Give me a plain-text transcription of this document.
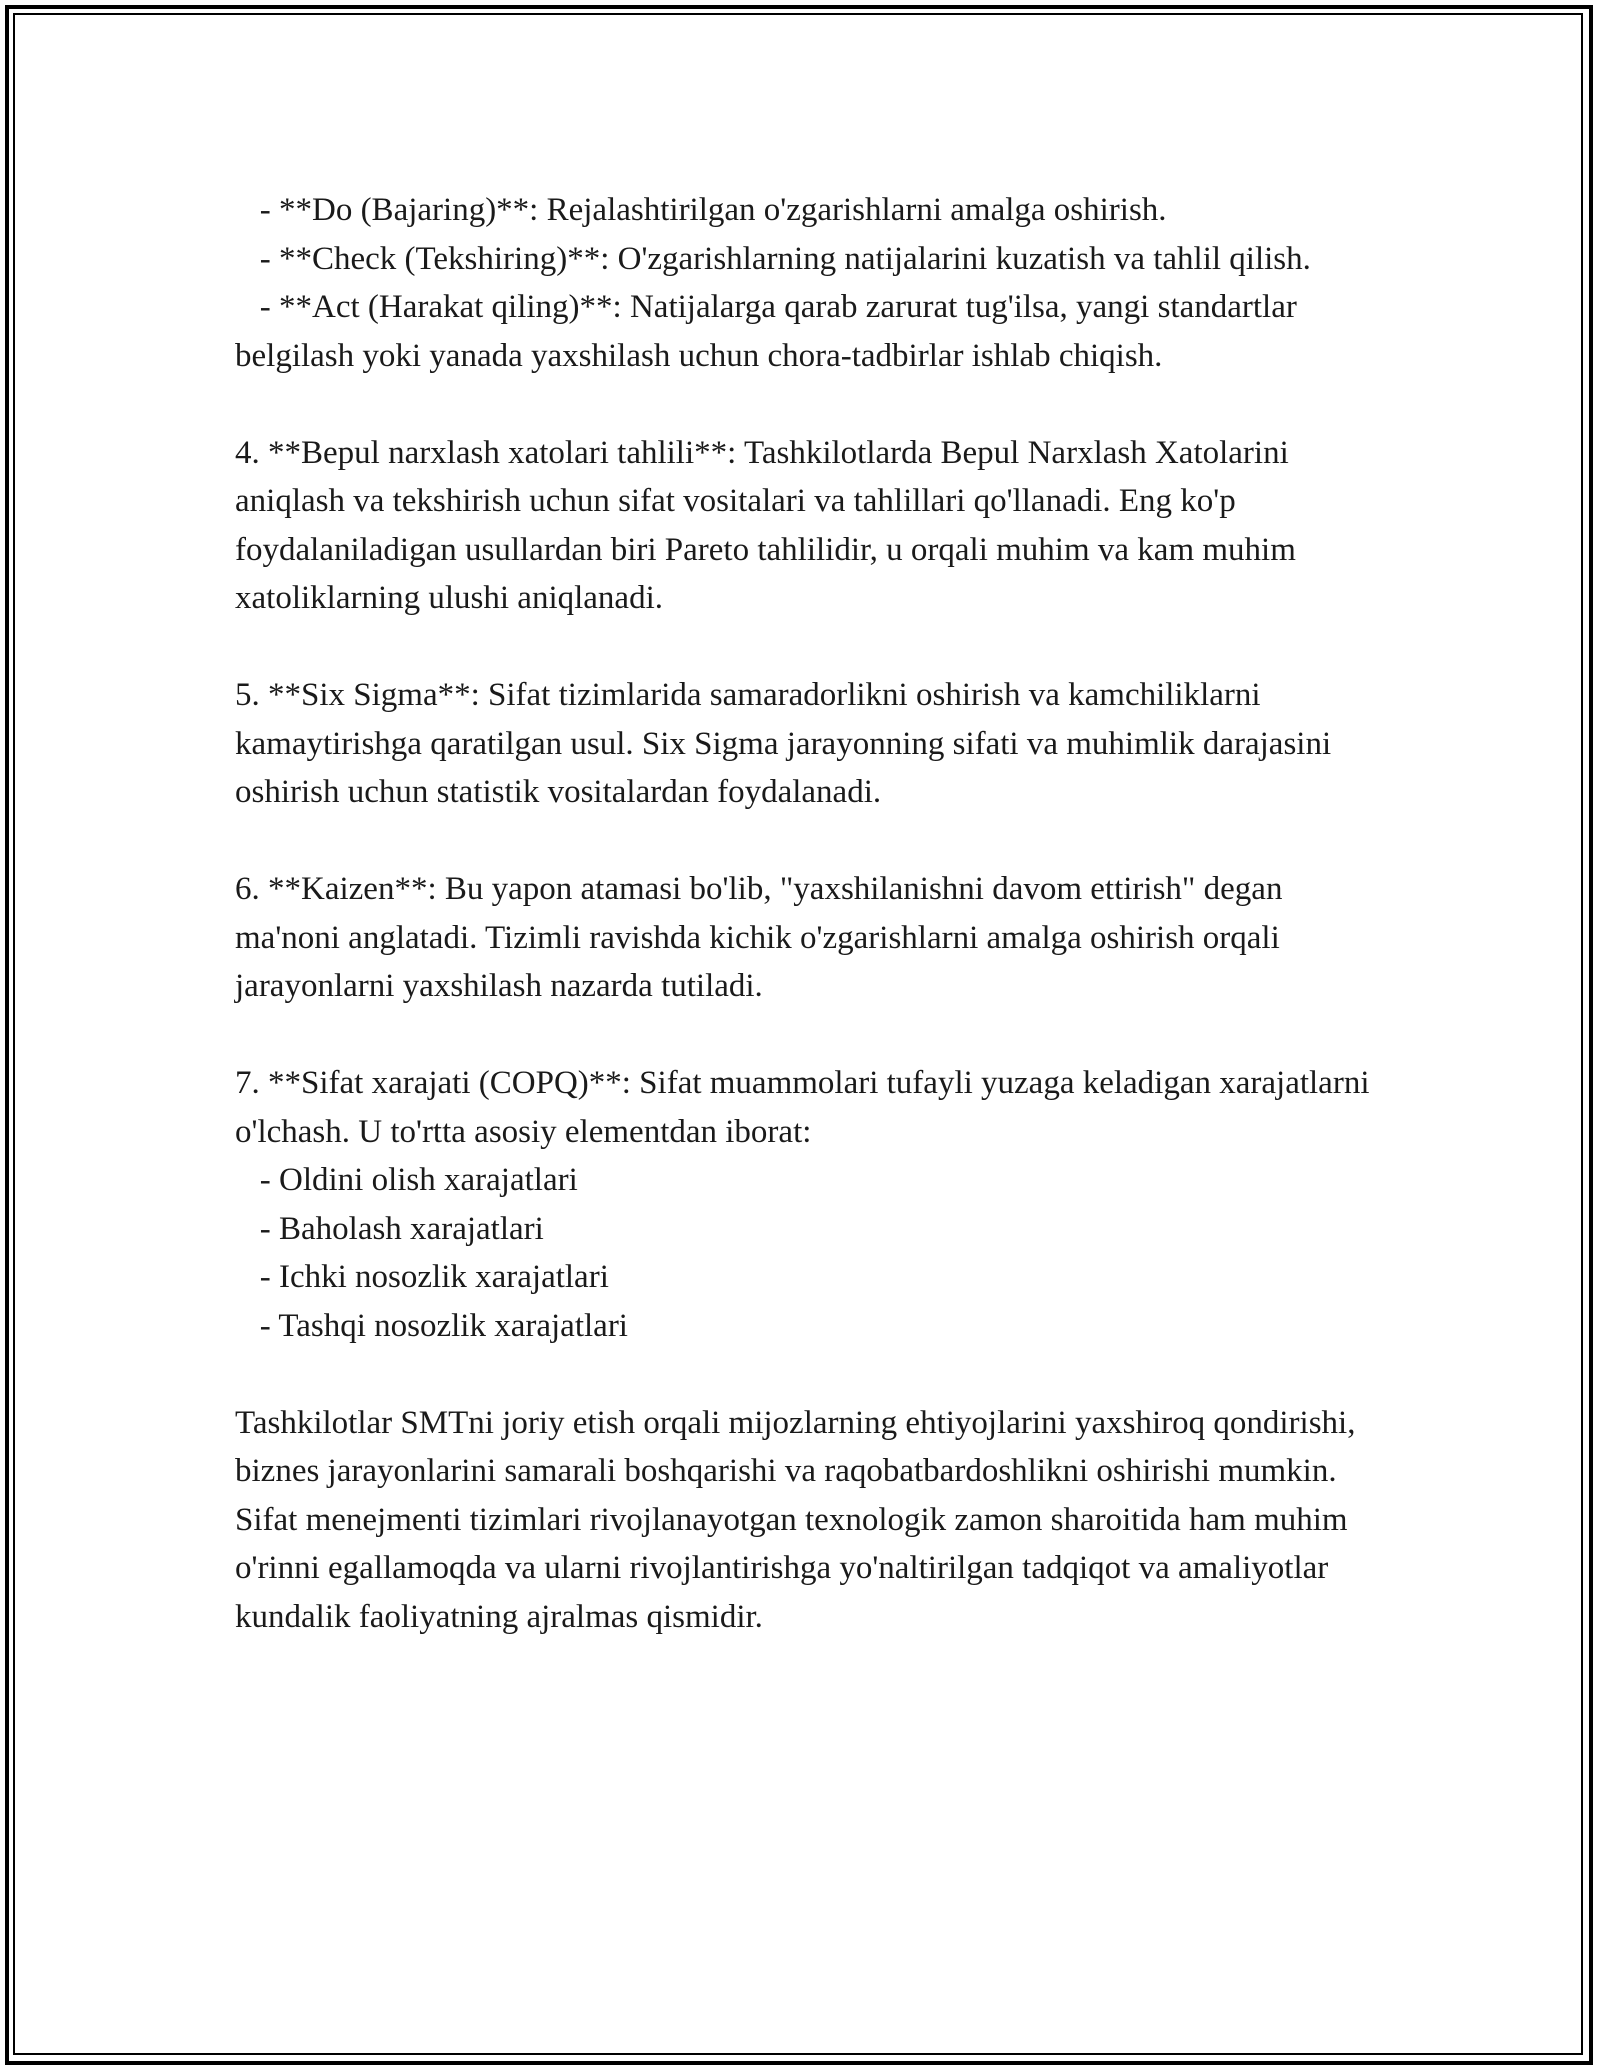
- **Do (Bajaring)**: Rejalashtirilgan o'zgarishlarni amalga oshirish.

- **Check (Tekshiring)**: O'zgarishlarning natijalarini kuzatish va tahlil qilish.

- **Act (Harakat qiling)**: Natijalarga qarab zarurat tug'ilsa, yangi standartlar belgilash yoki yanada yaxshilash uchun chora-tadbirlar ishlab chiqish.

4. **Bepul narxlash xatolari tahlili**: Tashkilotlarda Bepul Narxlash Xatolarini aniqlash va tekshirish uchun sifat vositalari va tahlillari qo'llanadi. Eng ko'p foydalaniladigan usullardan biri Pareto tahlilidir, u orqali muhim va kam muhim xatoliklarning ulushi aniqlanadi.

5. **Six Sigma**: Sifat tizimlarida samaradorlikni oshirish va kamchiliklarni kamaytirishga qaratilgan usul. Six Sigma jarayonning sifati va muhimlik darajasini oshirish uchun statistik vositalardan foydalanadi.

6. **Kaizen**: Bu yapon atamasi bo'lib, "yaxshilanishni davom ettirish" degan ma'noni anglatadi. Tizimli ravishda kichik o'zgarishlarni amalga oshirish orqali jarayonlarni yaxshilash nazarda tutiladi.

7. **Sifat xarajati (COPQ)**: Sifat muammolari tufayli yuzaga keladigan xarajatlarni o'lchash. U to'rtta asosiy elementdan iborat:

- Oldini olish xarajatlari

- Baholash xarajatlari

- Ichki nosozlik xarajatlari

- Tashqi nosozlik xarajatlari

Tashkilotlar SMTni joriy etish orqali mijozlarning ehtiyojlarini yaxshiroq qondirishi, biznes jarayonlarini samarali boshqarishi va raqobatbardoshlikni oshirishi mumkin. Sifat menejmenti tizimlari rivojlanayotgan texnologik zamon sharoitida ham muhim o'rinni egallamoqda va ularni rivojlantirishga yo'naltirilgan tadqiqot va amaliyotlar kundalik faoliyatning ajralmas qismidir.
